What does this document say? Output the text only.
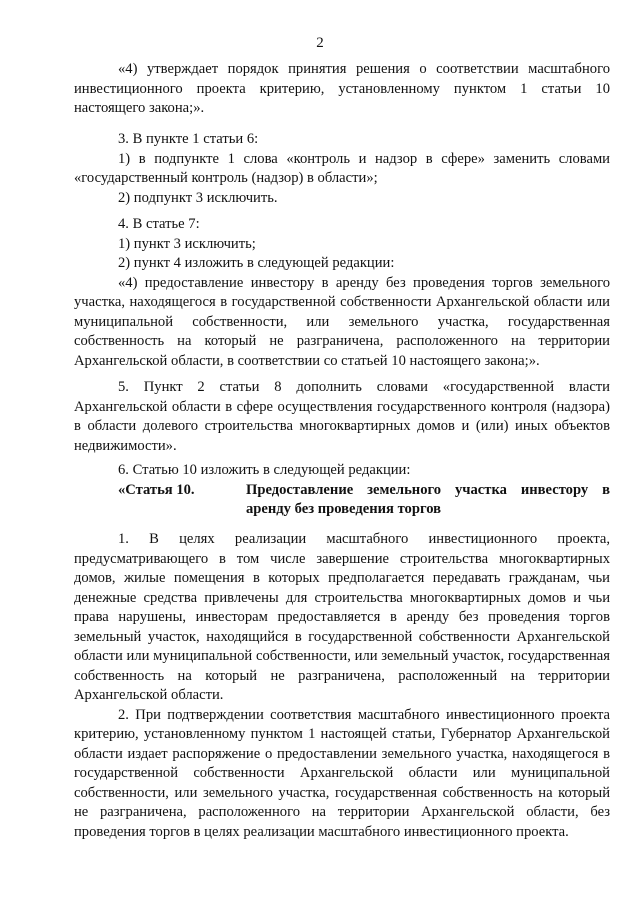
2

«4) утверждает порядок принятия решения о соответствии масштабного инвестиционного проекта критерию, установленному пунктом 1 статьи 10 настоящего закона;».

3. В пункте 1 статьи 6:

1) в подпункте 1 слова «контроль и надзор в сфере» заменить словами «государственный контроль (надзор) в области»;

2) подпункт 3 исключить.

4. В статье 7:

1) пункт 3 исключить;

2) пункт 4 изложить в следующей редакции:

«4) предоставление инвестору в аренду без проведения торгов земельного участка, находящегося в государственной собственности Архангельской области или муниципальной собственности, или земельного участка, государственная собственность на который не разграничена, расположенного на территории Архангельской области, в соответствии со статьей 10 настоящего закона;».

5. Пункт 2 статьи 8 дополнить словами «государственной власти Архангельской области в сфере осуществления государственного контроля (надзора) в области долевого строительства многоквартирных домов и (или) иных объектов недвижимости».

6. Статью 10 изложить в следующей редакции:

«Статья 10.	Предоставление земельного участка инвестору в аренду без проведения торгов

1. В целях реализации масштабного инвестиционного проекта, предусматривающего в том числе завершение строительства многоквартирных домов, жилые помещения в которых предполагается передавать гражданам, чьи денежные средства привлечены для строительства многоквартирных домов и чьи права нарушены, инвесторам предоставляется в аренду без проведения торгов земельный участок, находящийся в государственной собственности Архангельской области или муниципальной собственности, или земельный участок, государственная собственность на который не разграничена, расположенный на территории Архангельской области.

2. При подтверждении соответствия масштабного инвестиционного проекта критерию, установленному пунктом 1 настоящей статьи, Губернатор Архангельской области издает распоряжение о предоставлении земельного участка, находящегося в государственной собственности Архангельской области или муниципальной собственности, или земельного участка, государственная собственность на который не разграничена, расположенного на территории Архангельской области, без проведения торгов в целях реализации масштабного инвестиционного проекта.
